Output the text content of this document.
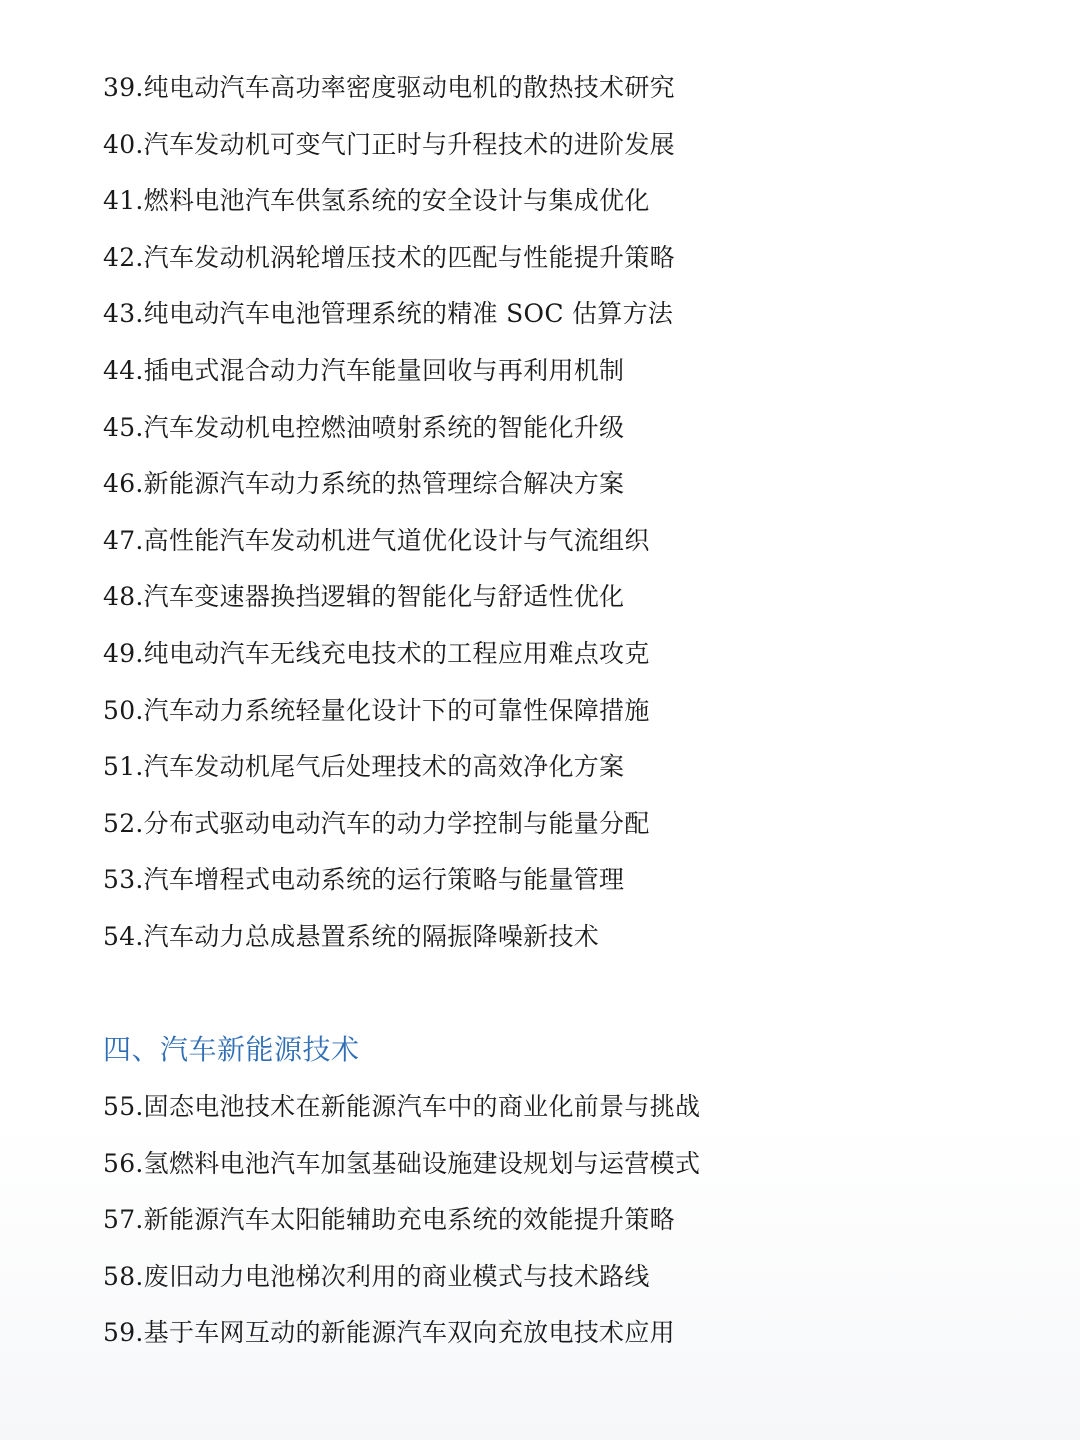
39.纯电动汽车高功率密度驱动电机的散热技术研究
40.汽车发动机可变气门正时与升程技术的进阶发展
41.燃料电池汽车供氢系统的安全设计与集成优化
42.汽车发动机涡轮增压技术的匹配与性能提升策略
43.纯电动汽车电池管理系统的精准 SOC 估算方法
44.插电式混合动力汽车能量回收与再利用机制
45.汽车发动机电控燃油喷射系统的智能化升级
46.新能源汽车动力系统的热管理综合解决方案
47.高性能汽车发动机进气道优化设计与气流组织
48.汽车变速器换挡逻辑的智能化与舒适性优化
49.纯电动汽车无线充电技术的工程应用难点攻克
50.汽车动力系统轻量化设计下的可靠性保障措施
51.汽车发动机尾气后处理技术的高效净化方案
52.分布式驱动电动汽车的动力学控制与能量分配
53.汽车增程式电动系统的运行策略与能量管理
54.汽车动力总成悬置系统的隔振降噪新技术
四、汽车新能源技术
55.固态电池技术在新能源汽车中的商业化前景与挑战
56.氢燃料电池汽车加氢基础设施建设规划与运营模式
57.新能源汽车太阳能辅助充电系统的效能提升策略
58.废旧动力电池梯次利用的商业模式与技术路线
59.基于车网互动的新能源汽车双向充放电技术应用
